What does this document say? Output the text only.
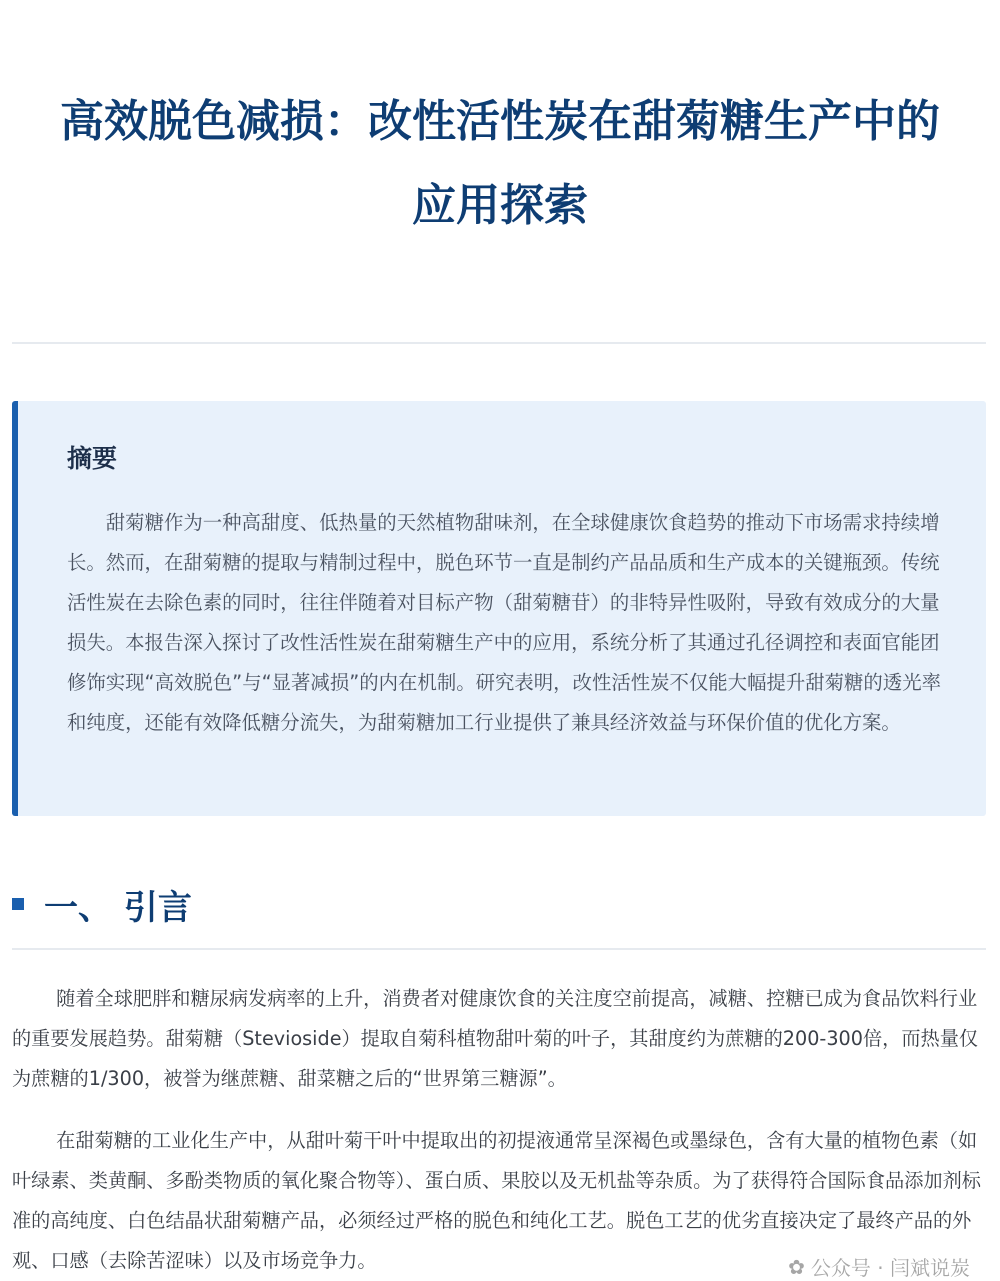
高效脱色减损：改性活性炭在甜菊糖生产中的
应用探索
摘要

甜菊糖作为一种高甜度、低热量的天然植物甜味剂，在全球健康饮食趋势的推动下市场需求持续增长。然而，在甜菊糖的提取与精制过程中，脱色环节一直是制约产品品质和生产成本的关键瓶颈。传统活性炭在去除色素的同时，往往伴随着对目标产物（甜菊糖苷）的非特异性吸附，导致有效成分的大量损失。本报告深入探讨了改性活性炭在甜菊糖生产中的应用，系统分析了其通过孔径调控和表面官能团修饰实现“高效脱色”与“显著减损”的内在机制。研究表明，改性活性炭不仅能大幅提升甜菊糖的透光率和纯度，还能有效降低糖分流失，为甜菊糖加工行业提供了兼具经济效益与环保价值的优化方案。

一、 引言

随着全球肥胖和糖尿病发病率的上升，消费者对健康饮食的关注度空前提高，减糖、控糖已成为食品饮料行业的重要发展趋势。甜菊糖（Stevioside）提取自菊科植物甜叶菊的叶子，其甜度约为蔗糖的200-300倍，而热量仅为蔗糖的1/300，被誉为继蔗糖、甜菜糖之后的“世界第三糖源”。

在甜菊糖的工业化生产中，从甜叶菊干叶中提取出的初提液通常呈深褐色或墨绿色，含有大量的植物色素（如叶绿素、类黄酮、多酚类物质的氧化聚合物等）、蛋白质、果胶以及无机盐等杂质。为了获得符合国际食品添加剂标准的高纯度、白色结晶状甜菊糖产品，必须经过严格的脱色和纯化工艺。脱色工艺的优劣直接决定了最终产品的外观、口感（去除苦涩味）以及市场竞争力。	✿ 公众号 · 闫斌说炭
